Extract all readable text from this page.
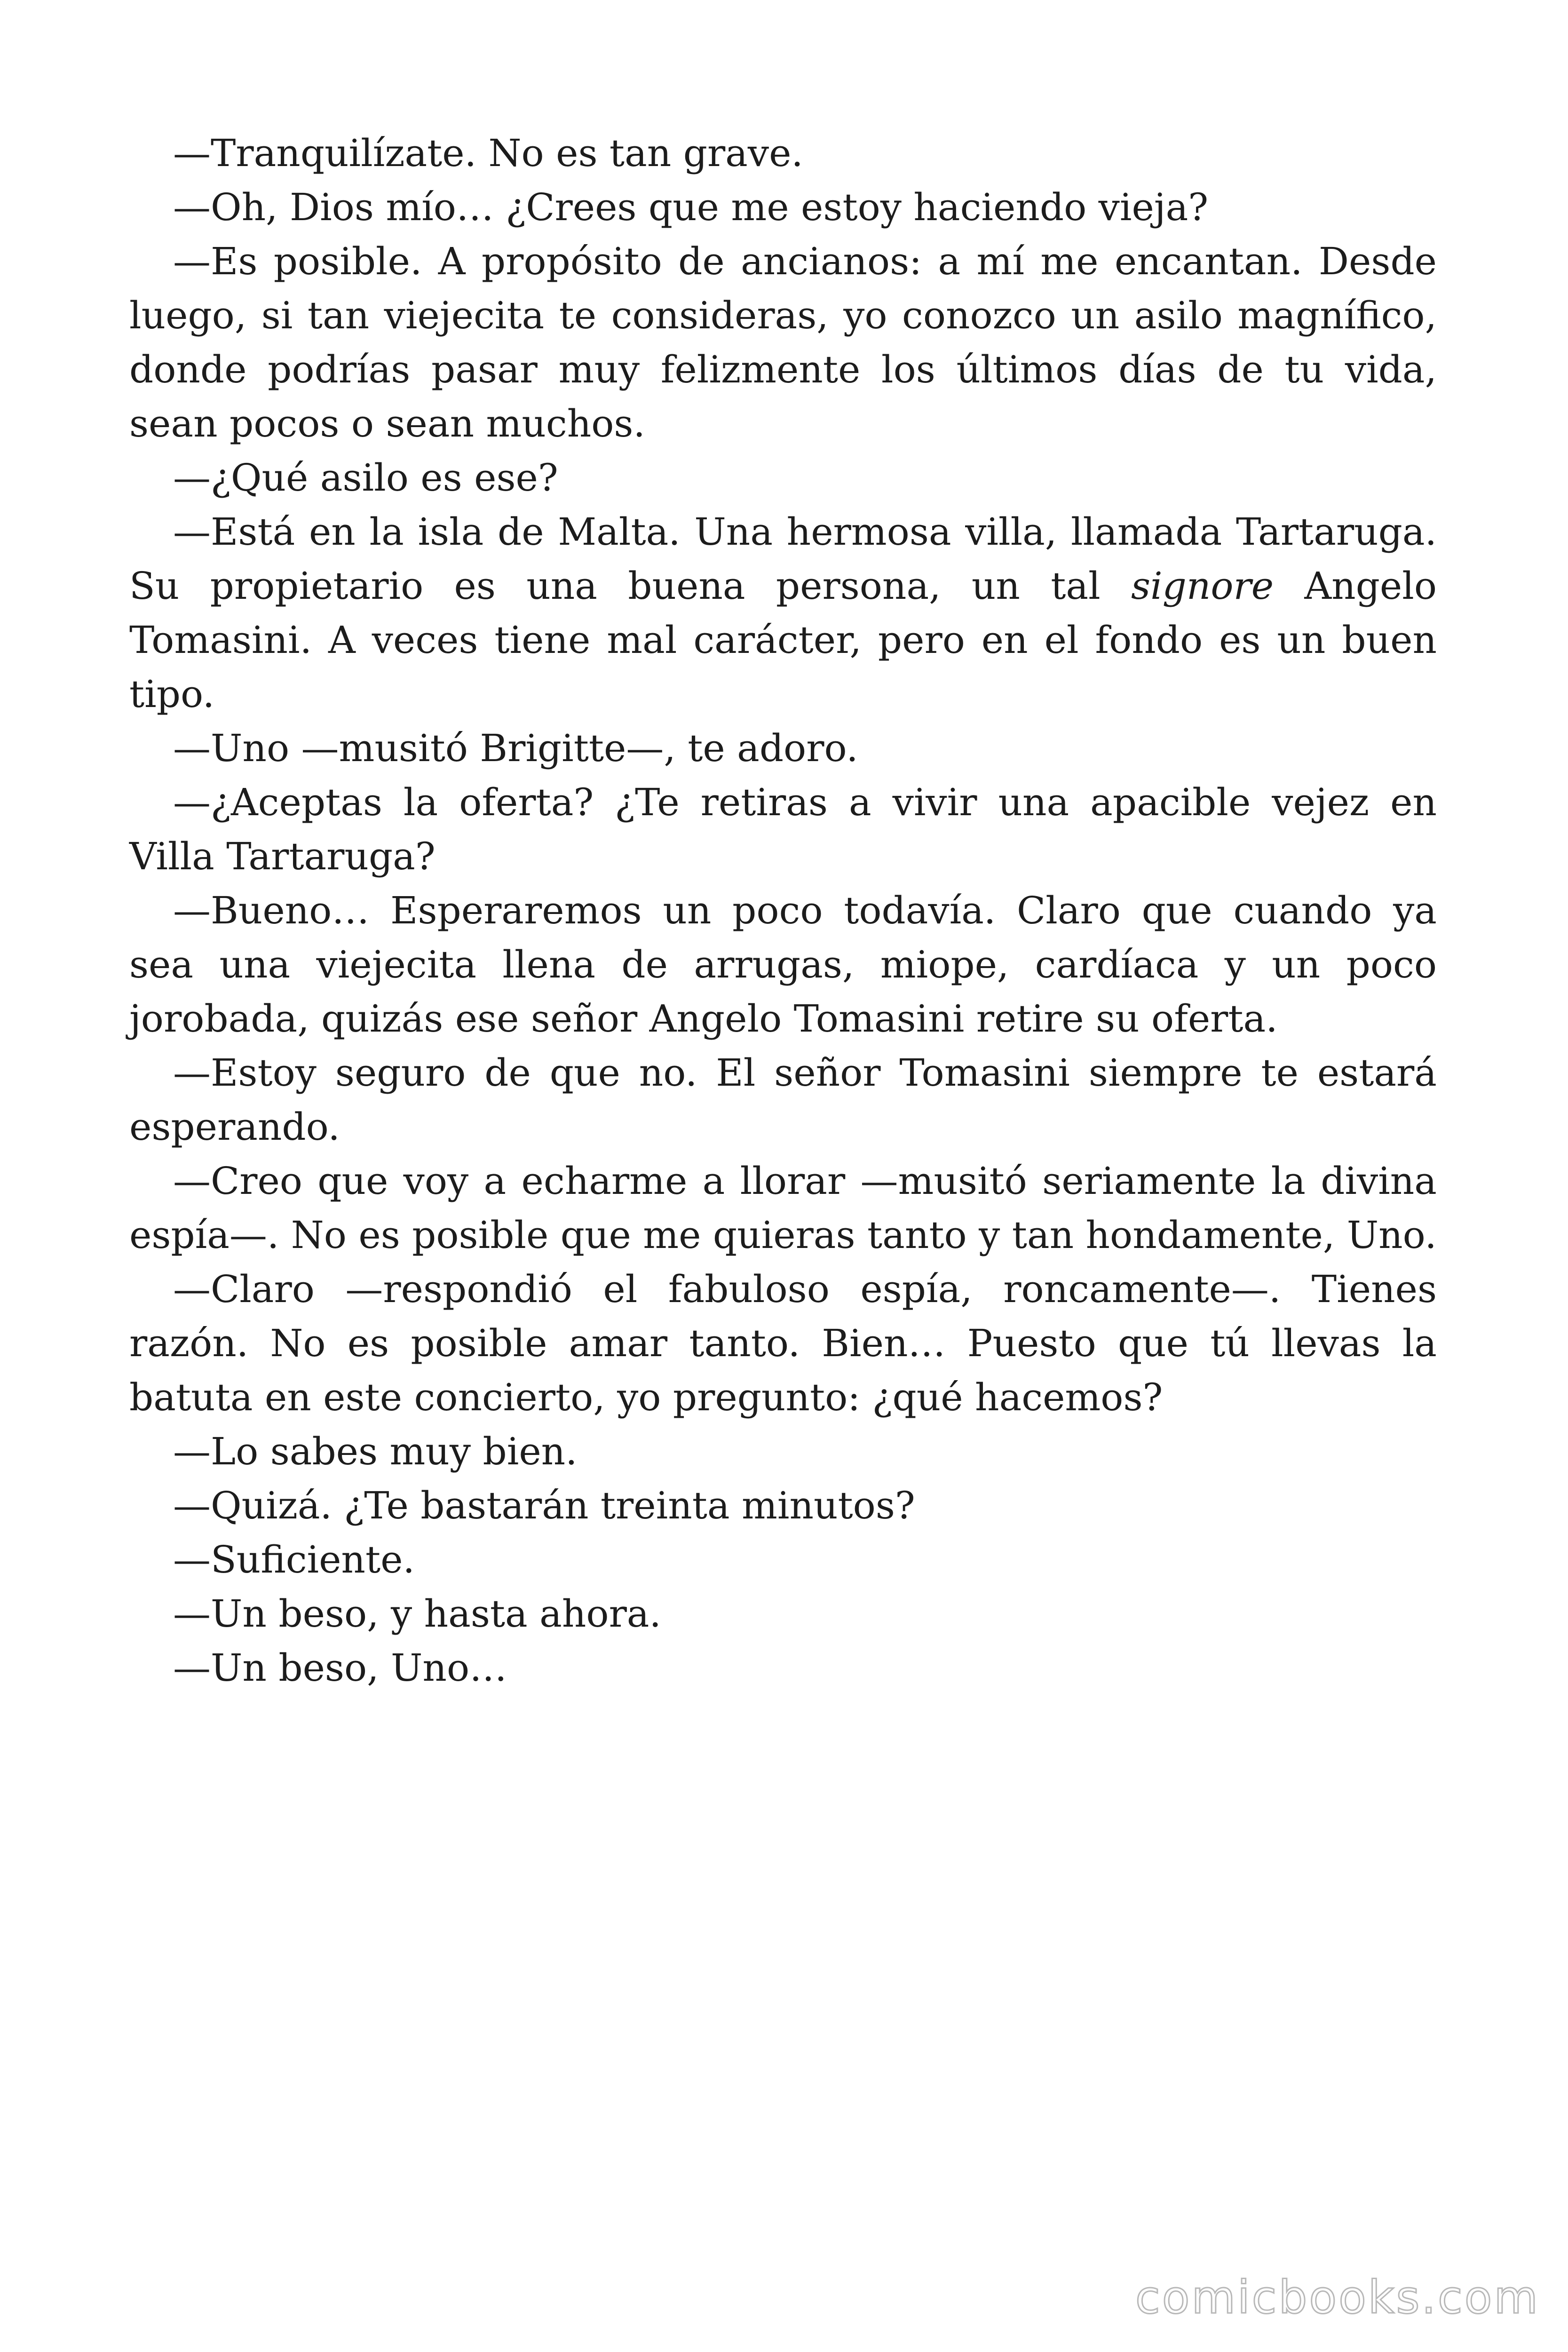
—Tranquilízate. No es tan grave.

—Oh, Dios mío… ¿Crees que me estoy haciendo vieja?

—Es posible. A propósito de ancianos: a mí me encantan. Desde luego, si tan viejecita te consideras, yo conozco un asilo magnífico, donde podrías pasar muy felizmente los últimos días de tu vida, sean pocos o sean muchos.

—¿Qué asilo es ese?

—Está en la isla de Malta. Una hermosa villa, llamada Tartaruga. Su propietario es una buena persona, un tal signore Angelo Tomasini. A veces tiene mal carácter, pero en el fondo es un buen tipo.

—Uno —musitó Brigitte—, te adoro.

—¿Aceptas la oferta? ¿Te retiras a vivir una apacible vejez en Villa Tartaruga?

—Bueno… Esperaremos un poco todavía. Claro que cuando ya sea una viejecita llena de arrugas, miope, cardíaca y un poco jorobada, quizás ese señor Angelo Tomasini retire su oferta.

—Estoy seguro de que no. El señor Tomasini siempre te estará esperando.

—Creo que voy a echarme a llorar —musitó seriamente la divina espía—. No es posible que me quieras tanto y tan hondamente, Uno.

—Claro —respondió el fabuloso espía, roncamente—. Tienes razón. No es posible amar tanto. Bien… Puesto que tú llevas la batuta en este concierto, yo pregunto: ¿qué hacemos?

—Lo sabes muy bien.

—Quizá. ¿Te bastarán treinta minutos?

—Suficiente.

—Un beso, y hasta ahora.

—Un beso, Uno…

comicbooks.com
